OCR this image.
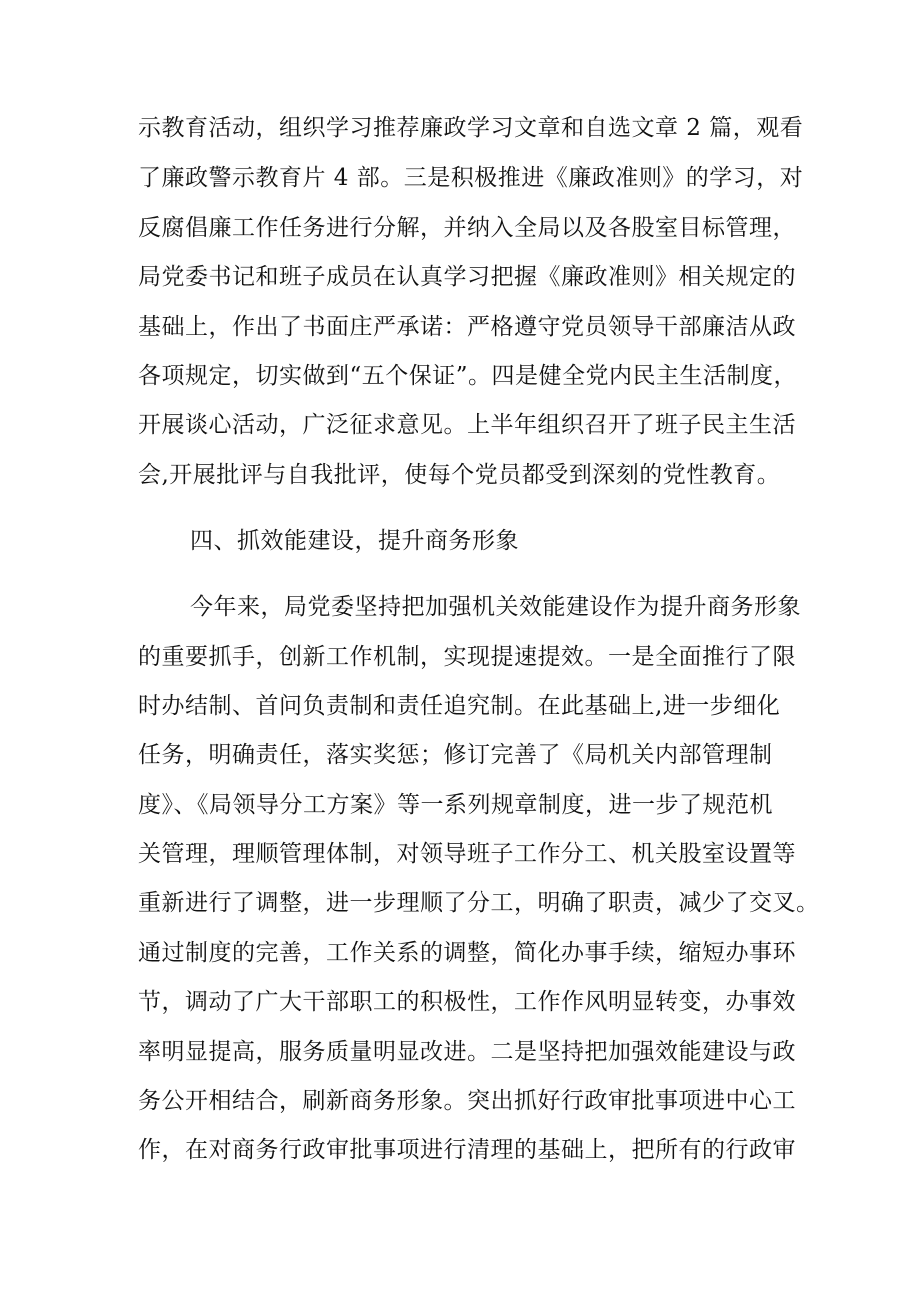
示教育活动，组织学习推荐廉政学习文章和自选文章 2 篇，观看
了廉政警示教育片 4 部。三是积极推进《廉政准则》的学习，对
反腐倡廉工作任务进行分解，并纳入全局以及各股室目标管理，
局党委书记和班子成员在认真学习把握《廉政准则》相关规定的
基础上，作出了书面庄严承诺：严格遵守党员领导干部廉洁从政
各项规定，切实做到“五个保证”。四是健全党内民主生活制度，
开展谈心活动，广泛征求意见。上半年组织召开了班子民主生活
会,开展批评与自我批评，使每个党员都受到深刻的党性教育。
四、抓效能建设，提升商务形象
今年来，局党委坚持把加强机关效能建设作为提升商务形象
的重要抓手，创新工作机制，实现提速提效。一是全面推行了限
时办结制、首问负责制和责任追究制。在此基础上,进一步细化
任务，明确责任，落实奖惩；修订完善了《局机关内部管理制
度》、《局领导分工方案》等一系列规章制度，进一步了规范机
关管理，理顺管理体制，对领导班子工作分工、机关股室设置等
重新进行了调整，进一步理顺了分工，明确了职责，减少了交叉。
通过制度的完善，工作关系的调整，简化办事手续，缩短办事环
节，调动了广大干部职工的积极性，工作作风明显转变，办事效
率明显提高，服务质量明显改进。二是坚持把加强效能建设与政
务公开相结合，刷新商务形象。突出抓好行政审批事项进中心工
作，在对商务行政审批事项进行清理的基础上，把所有的行政审
